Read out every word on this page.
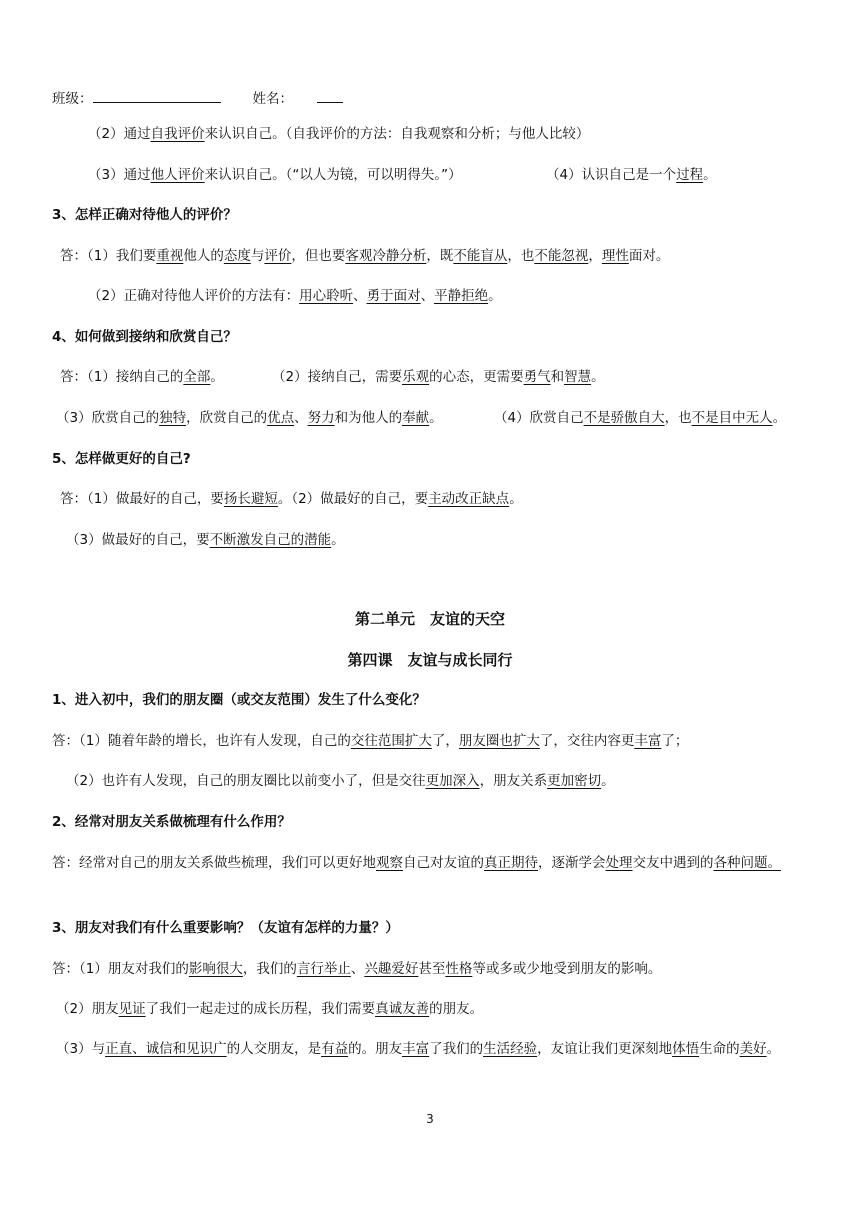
班级：	姓名：
（2）通过自我评价来认识自己。（自我评价的方法：自我观察和分析；与他人比较）
（3）通过他人评价来认识自己。（“以人为镜，可以明得失。”）	（4）认识自己是一个过程。
3、怎样正确对待他人的评价？
答：（1）我们要重视他人的态度与评价，但也要客观冷静分析，既不能盲从，也不能忽视，理性面对。
（2）正确对待他人评价的方法有：用心聆听、勇于面对、平静拒绝。
4、如何做到接纳和欣赏自己？
答：（1）接纳自己的全部。	（2）接纳自己，需要乐观的心态，更需要勇气和智慧。
（3）欣赏自己的独特，欣赏自己的优点、努力和为他人的奉献。	（4）欣赏自己不是骄傲自大，也不是目中无人。
5、怎样做更好的自己?
答：（1）做最好的自己，要扬长避短。（2）做最好的自己，要主动改正缺点。
（3）做最好的自己，要不断激发自己的潜能。
第二单元　友谊的天空
第四课　友谊与成长同行
1、进入初中，我们的朋友圈（或交友范围）发生了什么变化？
答：（1）随着年龄的增长，也许有人发现，自己的交往范围扩大了，朋友圈也扩大了，交往内容更丰富了；
（2）也许有人发现，自己的朋友圈比以前变小了，但是交往更加深入，朋友关系更加密切。
2、经常对朋友关系做梳理有什么作用？
答：经常对自己的朋友关系做些梳理，我们可以更好地观察自己对友谊的真正期待，逐渐学会处理交友中遇到的各种问题。
3、朋友对我们有什么重要影响？（友谊有怎样的力量？）
答：（1）朋友对我们的影响很大，我们的言行举止、兴趣爱好甚至性格等或多或少地受到朋友的影响。
（2）朋友见证了我们一起走过的成长历程，我们需要真诚友善的朋友。
（3）与正直、诚信和见识广的人交朋友，是有益的。朋友丰富了我们的生活经验，友谊让我们更深刻地体悟生命的美好。
3
